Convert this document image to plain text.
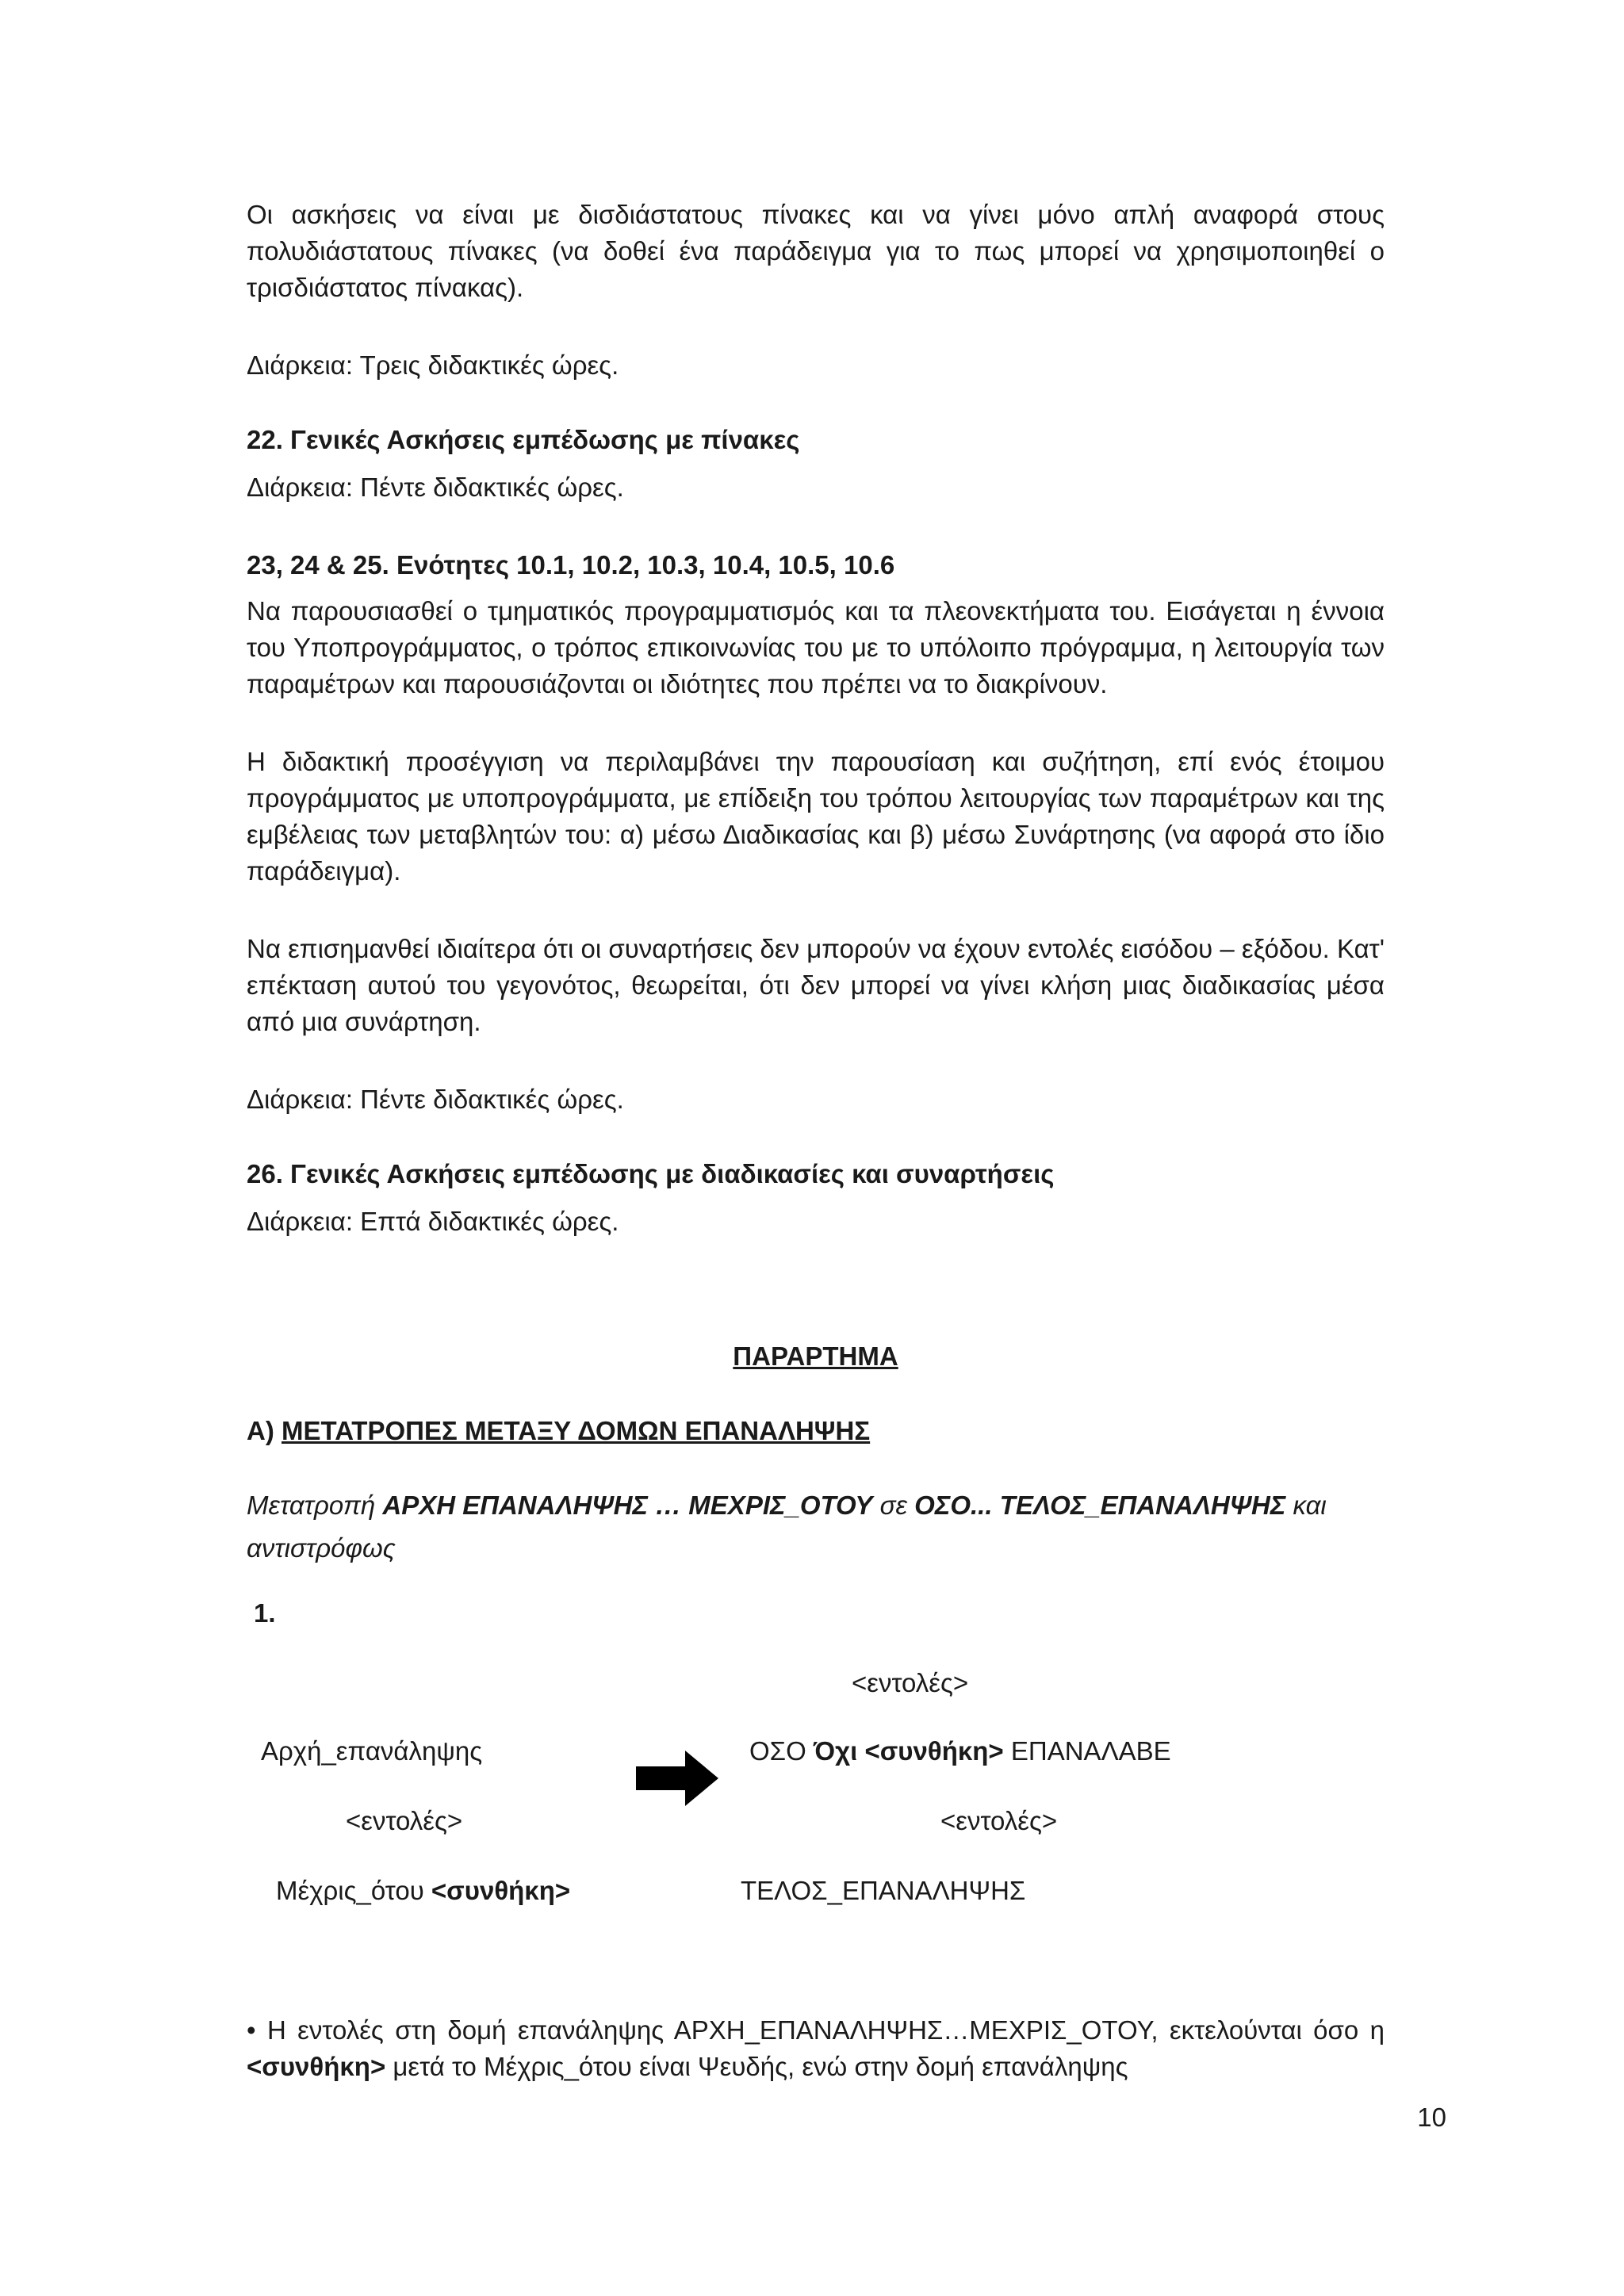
Οι ασκήσεις να είναι με δισδιάστατους πίνακες και να γίνει μόνο απλή αναφορά στους πολυδιάστατους πίνακες (να δοθεί ένα παράδειγμα για το πως μπορεί να χρησιμοποιηθεί ο τρισδιάστατος πίνακας).
Διάρκεια: Τρεις διδακτικές ώρες.
22. Γενικές Ασκήσεις εμπέδωσης με πίνακες
Διάρκεια: Πέντε διδακτικές ώρες.
23, 24 & 25. Ενότητες 10.1, 10.2, 10.3, 10.4, 10.5, 10.6
Να παρουσιασθεί ο τμηματικός προγραμματισμός και τα πλεονεκτήματα του. Εισάγεται η έννοια του Υποπρογράμματος, ο τρόπος επικοινωνίας του με το υπόλοιπο πρόγραμμα, η λειτουργία των παραμέτρων και παρουσιάζονται οι ιδιότητες που πρέπει να το διακρίνουν.
Η διδακτική προσέγγιση να περιλαμβάνει την παρουσίαση και συζήτηση, επί ενός έτοιμου προγράμματος με υποπρογράμματα, με επίδειξη του τρόπου λειτουργίας των παραμέτρων και της εμβέλειας των μεταβλητών του: α) μέσω Διαδικασίας και β) μέσω Συνάρτησης (να αφορά στο ίδιο παράδειγμα).
Να επισημανθεί ιδιαίτερα ότι οι συναρτήσεις δεν μπορούν να έχουν εντολές εισόδου – εξόδου. Κατ' επέκταση αυτού του γεγονότος, θεωρείται, ότι δεν μπορεί να γίνει κλήση μιας διαδικασίας μέσα από μια συνάρτηση.
Διάρκεια: Πέντε διδακτικές ώρες.
26. Γενικές Ασκήσεις εμπέδωσης με διαδικασίες και συναρτήσεις
Διάρκεια: Επτά διδακτικές ώρες.
ΠΑΡΑΡΤΗΜΑ
Α) ΜΕΤΑΤΡΟΠΕΣ ΜΕΤΑΞΥ ΔΟΜΩΝ ΕΠΑΝΑΛΗΨΗΣ
Μετατροπή ΑΡΧΗ ΕΠΑΝΑΛΗΨΗΣ … ΜΕΧΡΙΣ_ΟΤΟΥ σε ΟΣΟ... ΤΕΛΟΣ_ΕΠΑΝΑΛΗΨΗΣ και αντιστρόφως
1.
<εντολές>
Αρχή_επανάληψης
<εντολές>
Μέχρις_ότου <συνθήκη>
ΟΣΟ Όχι <συνθήκη> ΕΠΑΝΑΛΑΒΕ
<εντολές>
ΤΕΛΟΣ_ΕΠΑΝΑΛΗΨΗΣ
• Η εντολές στη δομή επανάληψης ΑΡΧΗ_ΕΠΑΝΑΛΗΨΗΣ…ΜΕΧΡΙΣ_ΟΤΟΥ, εκτελούνται όσο η <συνθήκη> μετά το Μέχρις_ότου είναι Ψευδής, ενώ στην δομή επανάληψης
10
